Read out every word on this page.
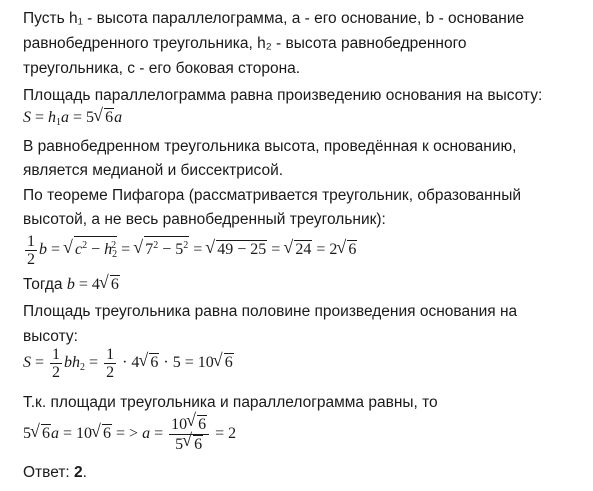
Пусть h₁ - высота параллелограмма, a - его основание, b - основание
равнобедренного треугольника, h₂ - высота равнобедренного
треугольника, c - его боковая сторона.
Площадь параллелограмма равна произведению основания на высоту:
$S = h_1a = 5√$ 6a
В равнобедренном треугольника высота, проведённая к основанию,
является медианой и биссектрисой.
По теореме Пифагора (рассматривается треугольник, образованный
высотой, а не весь равнобедренный треугольник):
$\frac{1}{2}$ b = √ $c^2 - h_2^2$ = √ $7^2 - 5^2$ = √ 49 − 25 = √ 24 = 2√ 6
Тогда b = 4√ 6
Площадь треугольника равна половине произведения основания на
высоту:
$S = \frac{1}{2} bh_2 = \frac{1}{2} \cdot 4√$ 6 · 5 = 10√ 6
Т.к. площади треугольника и параллелограмма равны, то
5√ 6a = 10√ 6 = > $a = \frac{10√ 6}{5√ 6} = 2$
Ответ: 2.
